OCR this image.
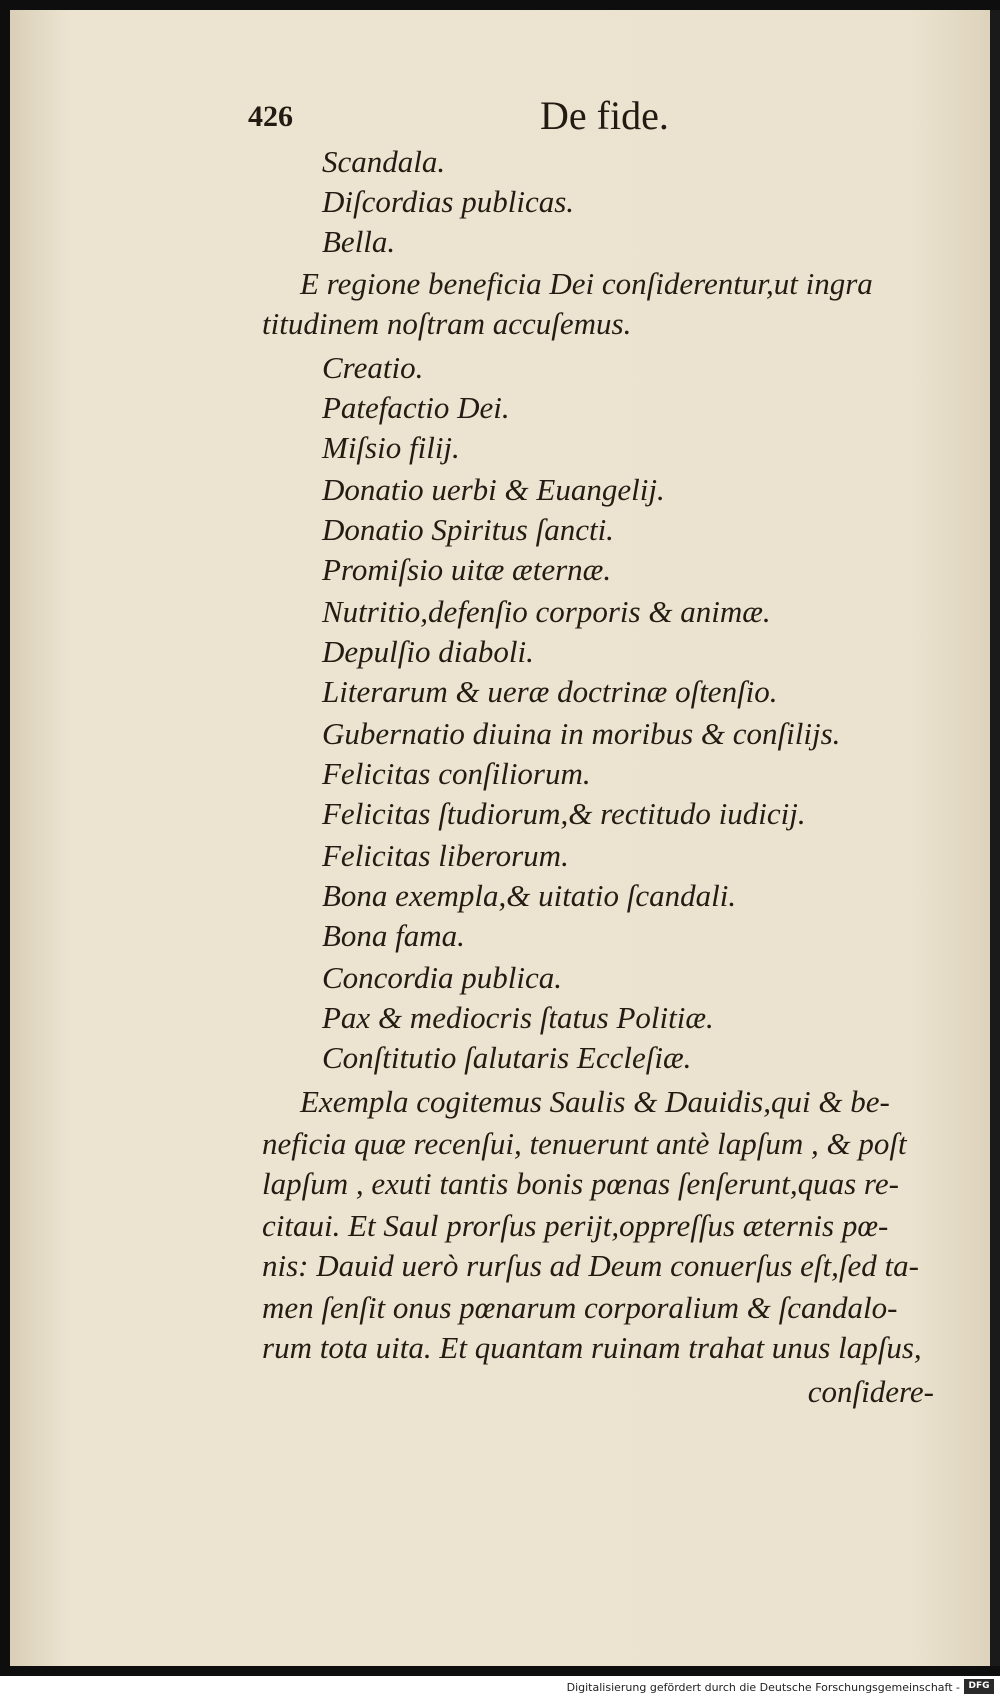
426	De fide.
Scandala.
Diſcordias publicas.
Bella.
E regione beneficia Dei conſiderentur,ut ingra
titudinem noſtram accuſemus.
Creatio.
Patefactio Dei.
Miſsio filij.
Donatio uerbi & Euangelij.
Donatio Spiritus ſancti.
Promiſsio uitæ æternæ.
Nutritio,defenſio corporis & animæ.
Depulſio diaboli.
Literarum & ueræ doctrinæ oſtenſio.
Gubernatio diuina in moribus & conſilijs.
Felicitas conſiliorum.
Felicitas ſtudiorum,& rectitudo iudicij.
Felicitas liberorum.
Bona exempla,& uitatio ſcandali.
Bona fama.
Concordia publica.
Pax & mediocris ſtatus Politiæ.
Conſtitutio ſalutaris Eccleſiæ.
Exempla cogitemus Saulis & Dauidis,qui & be-
neficia quæ recenſui, tenuerunt antè lapſum , & poſt
lapſum , exuti tantis bonis pœnas ſenſerunt,quas re-
citaui. Et Saul prorſus perijt,oppreſſus æternis pœ-
nis: Dauid uerò rurſus ad Deum conuerſus eſt,ſed ta-
men ſenſit onus pœnarum corporalium & ſcandalo-
rum tota uita. Et quantam ruinam trahat unus lapſus,
conſidere-
Digitalisierung gefördert durch die Deutsche Forschungsgemeinschaft - DFG
